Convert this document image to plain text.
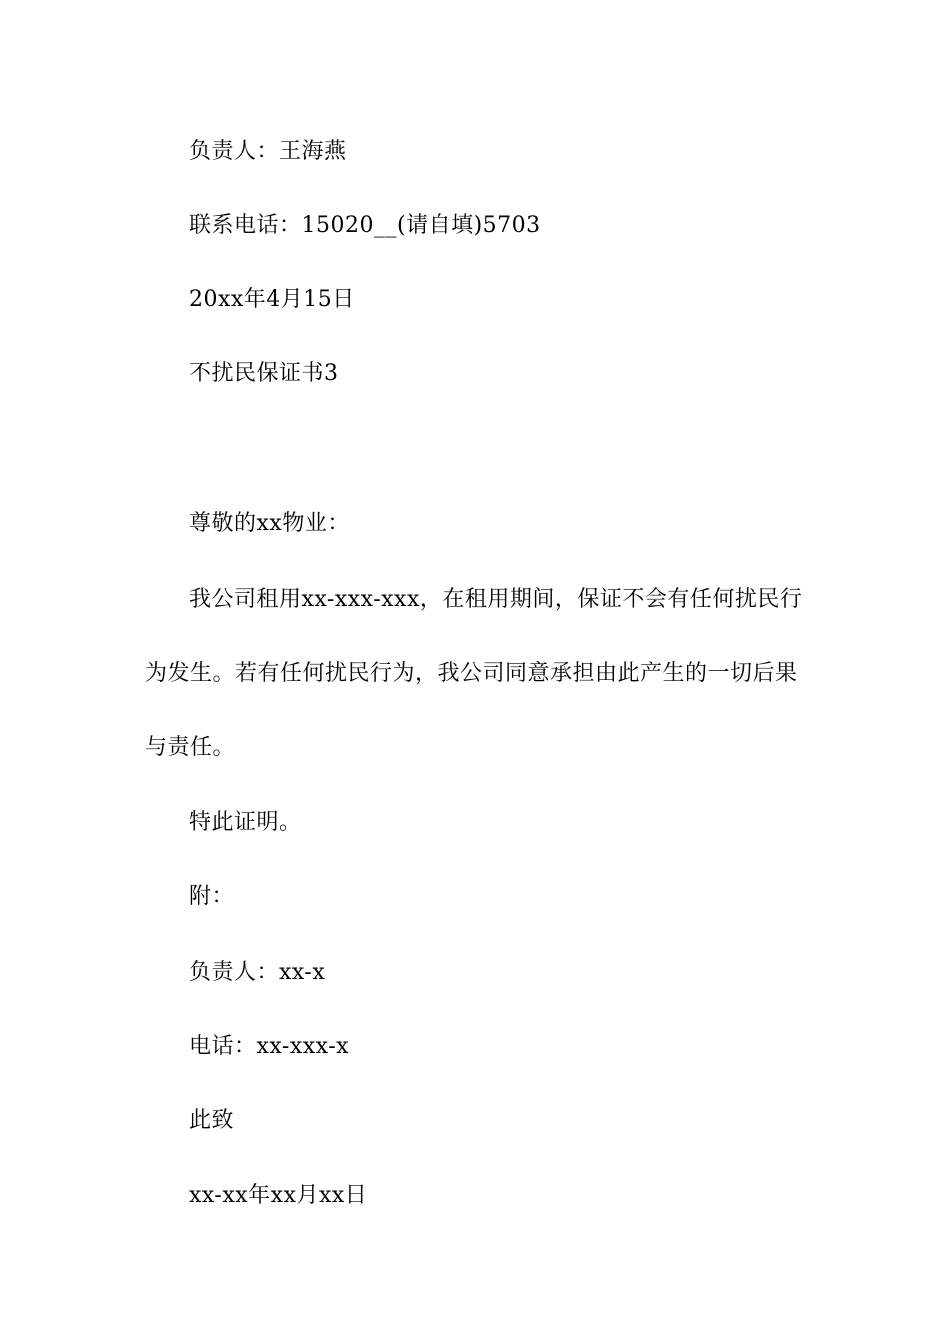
负责人：王海燕
联系电话：15020__(请自填)5703
20xx年4月15日
不扰民保证书3
尊敬的xx物业：
我公司租用xx-xxx-xxx，在租用期间，保证不会有任何扰民行
为发生。若有任何扰民行为，我公司同意承担由此产生的一切后果
与责任。
特此证明。
附：
负责人：xx-x
电话：xx-xxx-x
此致
xx-xx年xx月xx日
